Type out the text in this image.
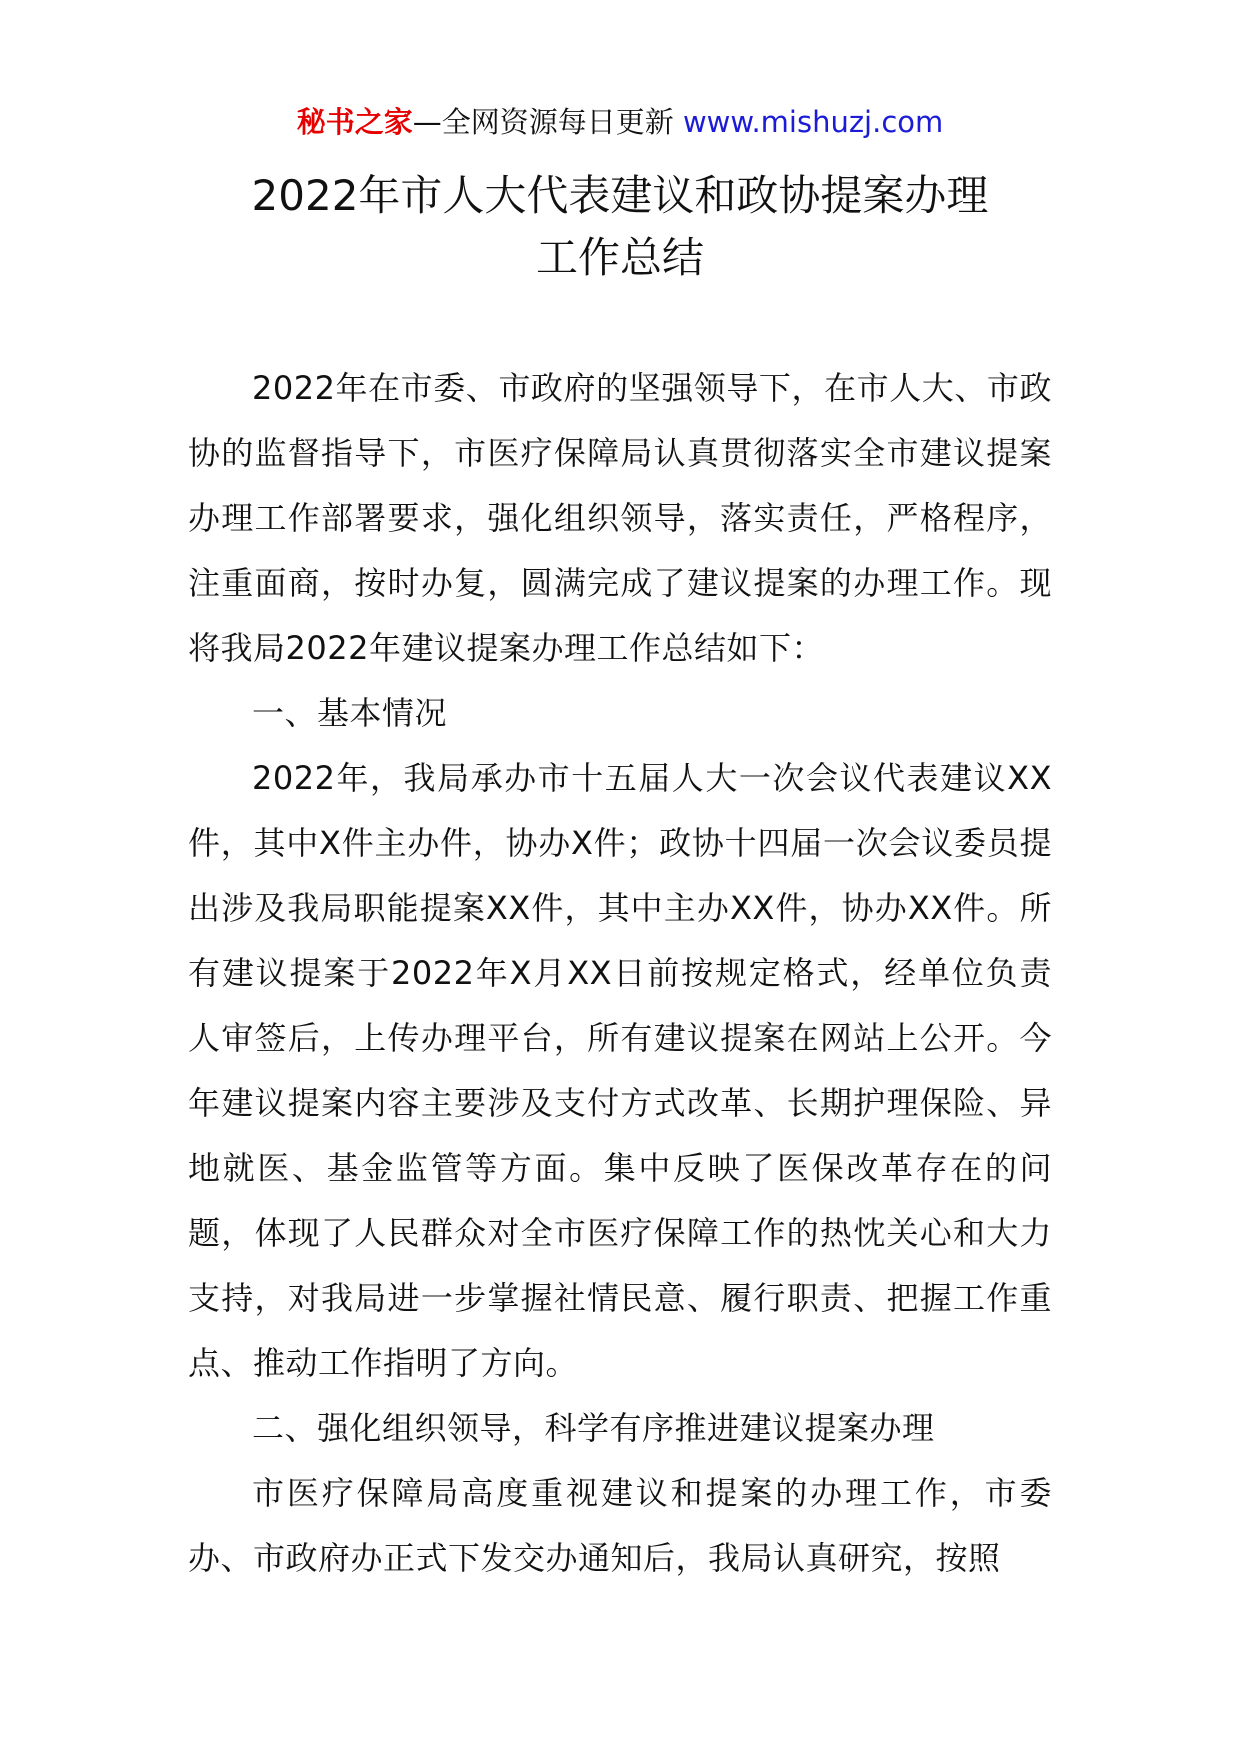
秘书之家—全网资源每日更新 www.mishuzj.com
2022年市人大代表建议和政协提案办理
工作总结

2022年在市委、市政府的坚强领导下，在市人大、市政协的监督指导下，市医疗保障局认真贯彻落实全市建议提案办理工作部署要求，强化组织领导，落实责任，严格程序，注重面商，按时办复，圆满完成了建议提案的办理工作。现将我局2022年建议提案办理工作总结如下：

一、基本情况

2022年，我局承办市十五届人大一次会议代表建议XX件，其中X件主办件，协办X件；政协十四届一次会议委员提出涉及我局职能提案XX件，其中主办XX件，协办XX件。所有建议提案于2022年X月XX日前按规定格式，经单位负责人审签后，上传办理平台，所有建议提案在网站上公开。今年建议提案内容主要涉及支付方式改革、长期护理保险、异地就医、基金监管等方面。集中反映了医保改革存在的问题，体现了人民群众对全市医疗保障工作的热忱关心和大力支持，对我局进一步掌握社情民意、履行职责、把握工作重点、推动工作指明了方向。

二、强化组织领导，科学有序推进建议提案办理

市医疗保障局高度重视建议和提案的办理工作，市委办、市政府办正式下发交办通知后，我局认真研究，按照
